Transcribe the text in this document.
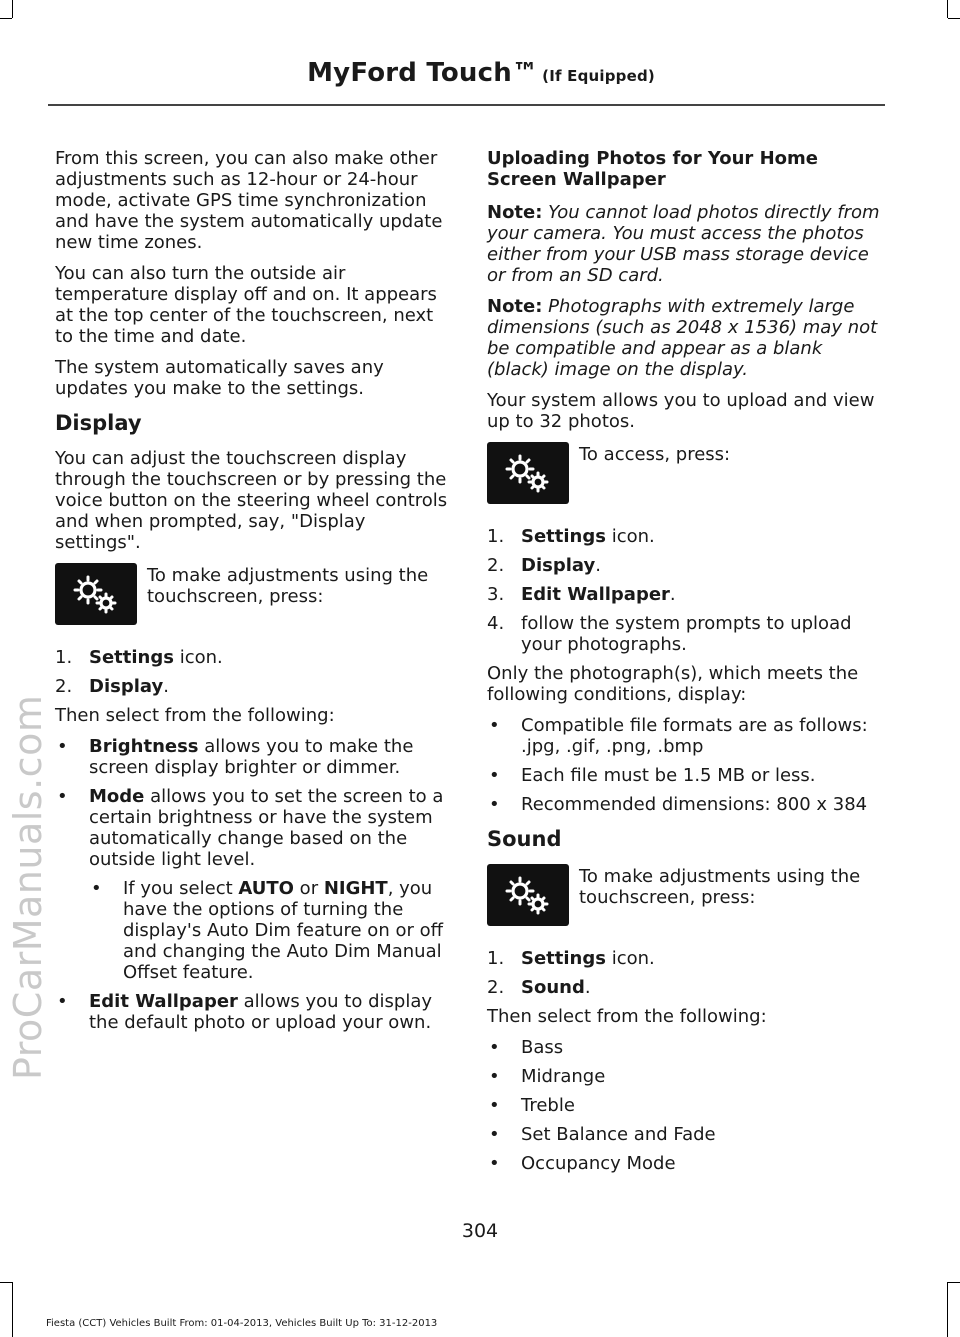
MyFord Touch™ (If Equipped)
ProCarManuals.com

From this screen, you can also make other adjustments such as 12-hour or 24-hour mode, activate GPS time synchronization and have the system automatically update new time zones.

You can also turn the outside air temperature display off and on. It appears at the top center of the touchscreen, next to the time and date.

The system automatically saves any updates you make to the settings.

Display

You can adjust the touchscreen display through the touchscreen or by pressing the voice button on the steering wheel controls and when prompted, say, "Display settings".

To make adjustments using the touchscreen, press:
1. Settings icon.
2. Display.

Then select from the following:

• Brightness allows you to make the screen display brighter or dimmer.
• Mode allows you to set the screen to a certain brightness or have the system automatically change based on the outside light level.
• If you select AUTO or NIGHT, you have the options of turning the display's Auto Dim feature on or off and changing the Auto Dim Manual Offset feature.
• Edit Wallpaper allows you to display the default photo or upload your own.
Uploading Photos for Your Home Screen Wallpaper

Note: You cannot load photos directly from your camera. You must access the photos either from your USB mass storage device or from an SD card.

Note: Photographs with extremely large dimensions (such as 2048 x 1536) may not be compatible and appear as a blank (black) image on the display.

Your system allows you to upload and view up to 32 photos.

To access, press:
1. Settings icon.
2. Display.
3. Edit Wallpaper.
4. follow the system prompts to upload your photographs.

Only the photograph(s), which meets the following conditions, display:

• Compatible file formats are as follows: .jpg, .gif, .png, .bmp
• Each file must be 1.5 MB or less.
• Recommended dimensions: 800 x 384
Sound
To make adjustments using the touchscreen, press:
1. Settings icon.
2. Sound.

Then select from the following:

• Bass
• Midrange
• Treble
• Set Balance and Fade
• Occupancy Mode
304
Fiesta (CCT) Vehicles Built From: 01-04-2013, Vehicles Built Up To: 31-12-2013
